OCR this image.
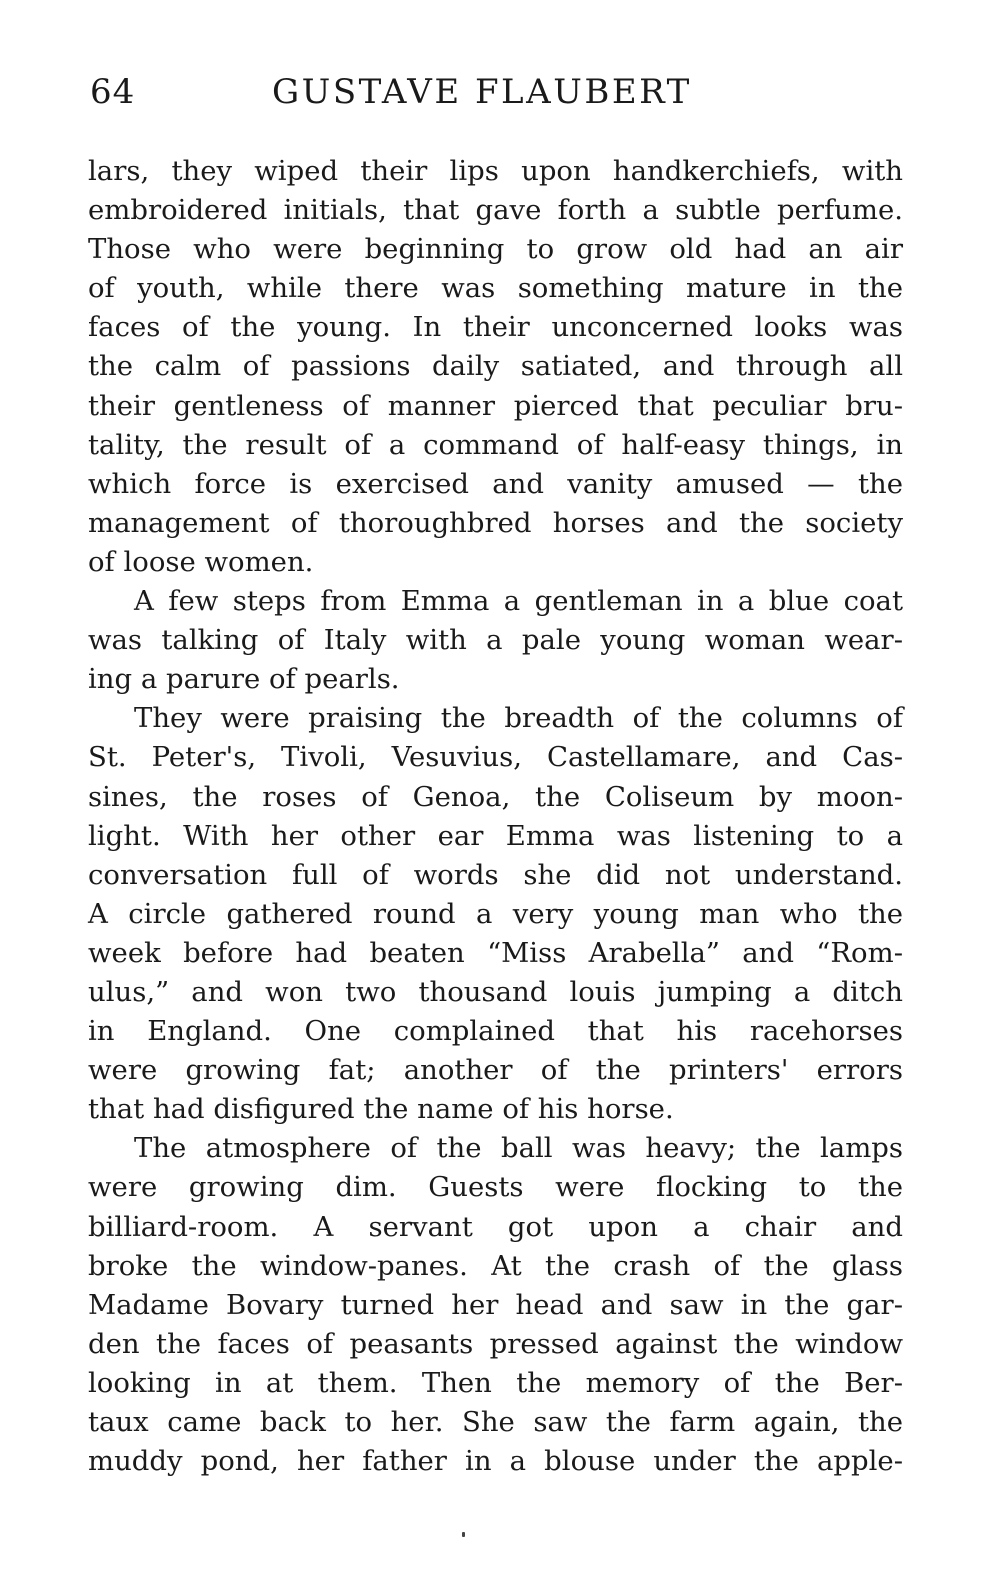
64	GUSTAVE FLAUBERT
lars, they wiped their lips upon handkerchiefs, with
embroidered initials, that gave forth a subtle perfume.
Those who were beginning to grow old had an air
of youth, while there was something mature in the
faces of the young. In their unconcerned looks was
the calm of passions daily satiated, and through all
their gentleness of manner pierced that peculiar bru-
tality, the result of a command of half-easy things, in
which force is exercised and vanity amused — the
management of thoroughbred horses and the society
of loose women.
A few steps from Emma a gentleman in a blue coat
was talking of Italy with a pale young woman wear-
ing a parure of pearls.
They were praising the breadth of the columns of
St. Peter's, Tivoli, Vesuvius, Castellamare, and Cas-
sines, the roses of Genoa, the Coliseum by moon-
light. With her other ear Emma was listening to a
conversation full of words she did not understand.
A circle gathered round a very young man who the
week before had beaten “Miss Arabella” and “Rom-
ulus,” and won two thousand louis jumping a ditch
in England. One complained that his racehorses
were growing fat; another of the printers' errors
that had disfigured the name of his horse.
The atmosphere of the ball was heavy; the lamps
were growing dim. Guests were flocking to the
billiard-room. A servant got upon a chair and
broke the window-panes. At the crash of the glass
Madame Bovary turned her head and saw in the gar-
den the faces of peasants pressed against the window
looking in at them. Then the memory of the Ber-
taux came back to her. She saw the farm again, the
muddy pond, her father in a blouse under the apple-
